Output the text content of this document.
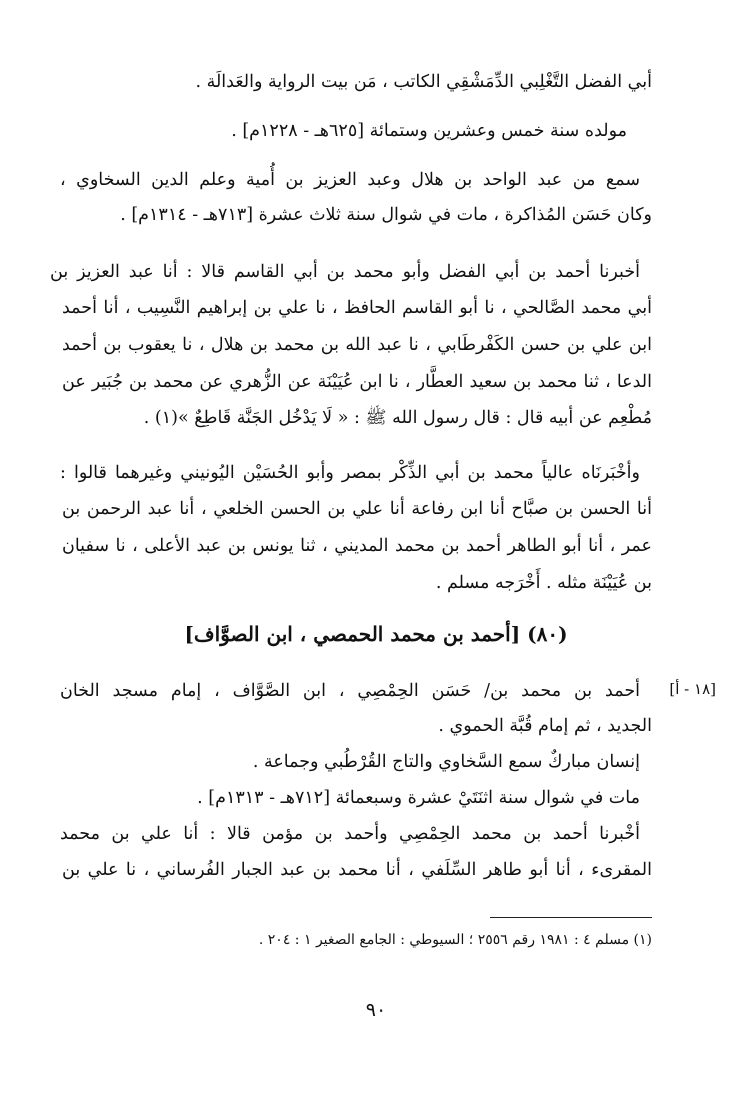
أبي الفضل التَّغْلِبي الدِّمَشْقِي الكاتب ، مَن بيت الرواية والعَدالَة .
مولده سنة خمس وعشرين وستمائة [٦٢٥هـ - ١٢٢٨م] .
سمع من عبد الواحد بن هلال وعبد العزيز بن أُمية وعلم الدين السخاوي ،
وكان حَسَن المُذاكرة ، مات في شوال سنة ثلاث عشرة [٧١٣هـ - ١٣١٤م] .
أخبرنا أحمد بن أبي الفضل وأبو محمد بن أبي القاسم قالا : أنا عبد العزيز بن
أبي محمد الصَّالحي ، نا أبو القاسم الحافظ ، نا علي بن إبراهيم النَّسِيب ، أنا أحمد
ابن علي بن حسن الكَفْرطَابي ، نا عبد الله بن محمد بن هلال ، نا يعقوب بن أحمد
الدعا ، ثنا محمد بن سعيد العطَّار ، نا ابن عُيَيْنَة عن الزُّهري عن محمد بن جُبَير عن
مُطْعِم عن أبيه قال : قال رسول الله ﷺ : « لَا يَدْخُل الجَنَّة قَاطِعٌ »(١) .
وأخْبَرنَاه عالياً محمد بن أبي الذِّكْر بمصر وأبو الحُسَيْن اليُونيني وغيرهما قالوا :
أنا الحسن بن صبَّاح أنا ابن رفاعة أنا علي بن الحسن الخلعي ، أنا عبد الرحمن بن
عمر ، أنا أبو الطاهر أحمد بن محمد المديني ، ثنا يونس بن عبد الأعلى ، نا سفيان
بن عُيَيْنَة مثله . أَخْرَجه مسلم .
(٨٠) [أحمد بن محمد الحمصي ، ابن الصوَّاف]
[١٨ - أ]
أحمد بن محمد بن/ حَسَن الحِمْصِي ، ابن الصَّوَّاف ، إمام مسجد الخان
الجديد ، ثم إمام قُبَّة الحموي .
إنسان مباركٌ سمع السَّخاوي والتاج القُرْطُبي وجماعة .
مات في شوال سنة اثنَتَيْ عشرة وسبعمائة [٧١٢هـ - ١٣١٣م] .
أخْبرنا أحمد بن محمد الحِمْصِي وأحمد بن مؤمن قالا : أنا علي بن محمد
المقرىء ، أنا أبو طاهر السِّلَفي ، أنا محمد بن عبد الجبار الفُرساني ، نا علي بن
(١) مسلم ٤ : ١٩٨١ رقم ٢٥٥٦ ؛ السيوطي : الجامع الصغير ١ : ٢٠٤ .
٩٠
